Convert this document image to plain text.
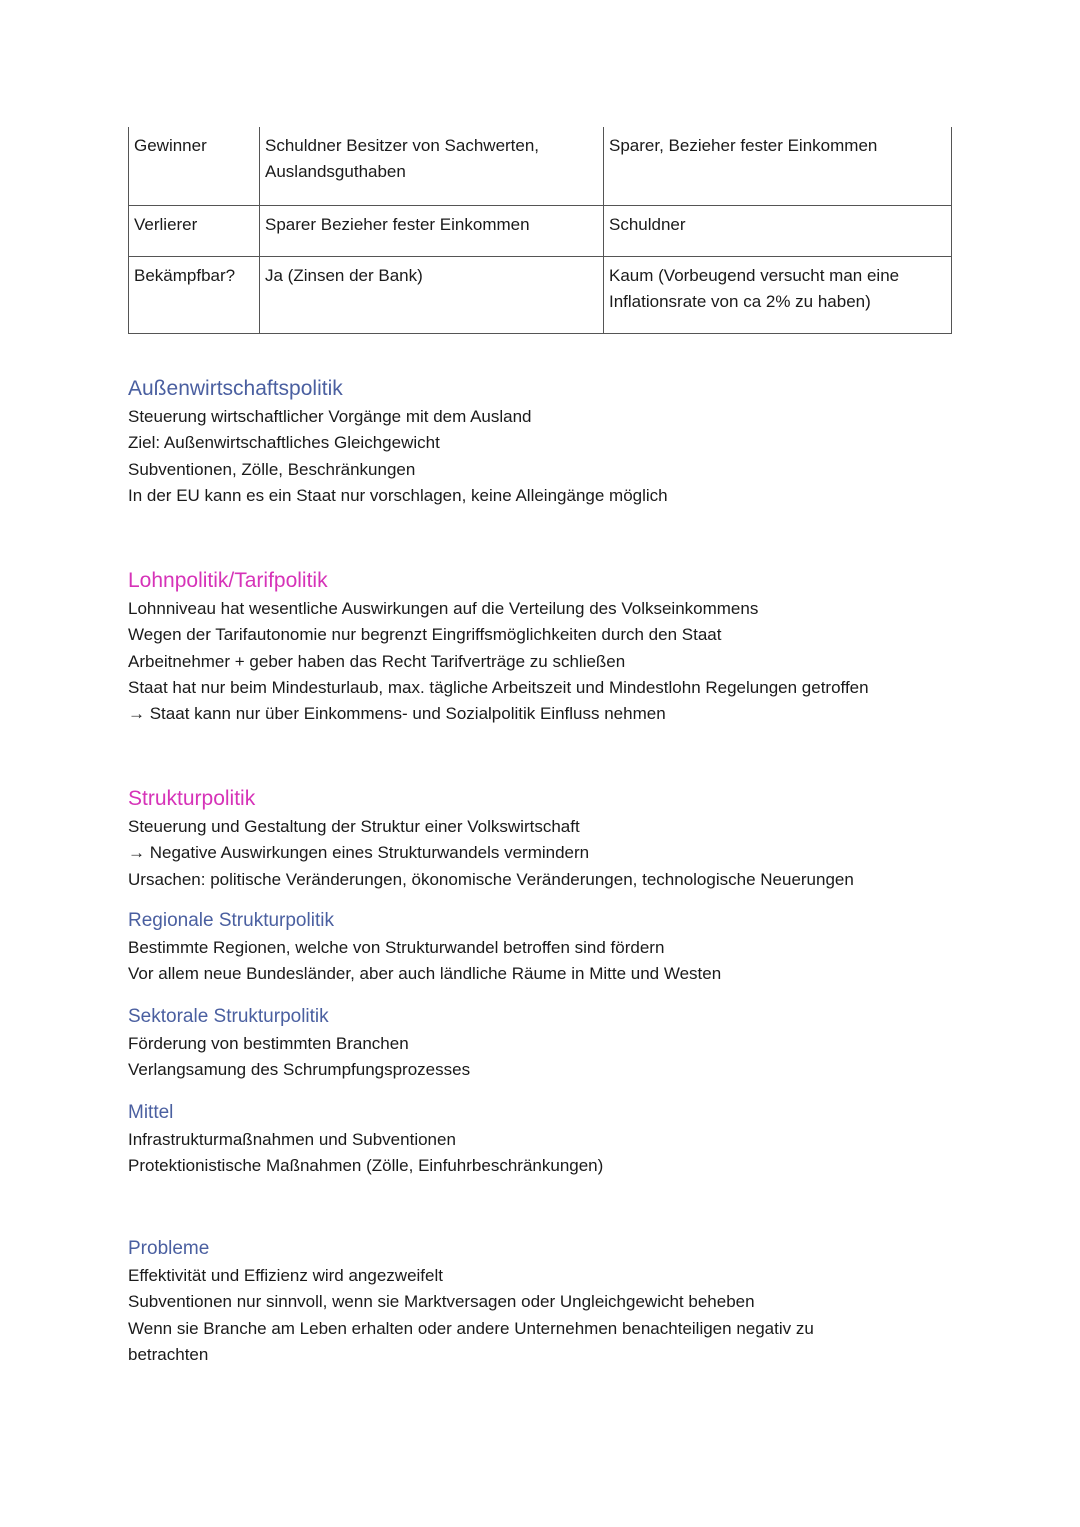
Gewinner	Schuldner Besitzer von Sachwerten, Auslandsguthaben	Sparer, Bezieher fester Einkommen
Verlierer	Sparer Bezieher fester Einkommen	Schuldner
Bekämpfbar?	Ja (Zinsen der Bank)	Kaum (Vorbeugend versucht man eine Inflationsrate von ca 2% zu haben)
Außenwirtschaftspolitik
Steuerung wirtschaftlicher Vorgänge mit dem Ausland
Ziel: Außenwirtschaftliches Gleichgewicht
Subventionen, Zölle, Beschränkungen
In der EU kann es ein Staat nur vorschlagen, keine Alleingänge möglich
Lohnpolitik/Tarifpolitik
Lohnniveau hat wesentliche Auswirkungen auf die Verteilung des Volkseinkommens
Wegen der Tarifautonomie nur begrenzt Eingriffsmöglichkeiten durch den Staat
Arbeitnehmer + geber haben das Recht Tarifverträge zu schließen
Staat hat nur beim Mindesturlaub, max. tägliche Arbeitszeit und Mindestlohn Regelungen getroffen
→ Staat kann nur über Einkommens- und Sozialpolitik Einfluss nehmen
Strukturpolitik
Steuerung und Gestaltung der Struktur einer Volkswirtschaft
→ Negative Auswirkungen eines Strukturwandels vermindern
Ursachen: politische Veränderungen, ökonomische Veränderungen, technologische Neuerungen
Regionale Strukturpolitik
Bestimmte Regionen, welche von Strukturwandel betroffen sind fördern
Vor allem neue Bundesländer, aber auch ländliche Räume in Mitte und Westen
Sektorale Strukturpolitik
Förderung von bestimmten Branchen
Verlangsamung des Schrumpfungsprozesses
Mittel
Infrastrukturmaßnahmen und Subventionen
Protektionistische Maßnahmen (Zölle, Einfuhrbeschränkungen)
Probleme
Effektivität und Effizienz wird angezweifelt
Subventionen nur sinnvoll, wenn sie Marktversagen oder Ungleichgewicht beheben
Wenn sie Branche am Leben erhalten oder andere Unternehmen benachteiligen negativ zu betrachten
